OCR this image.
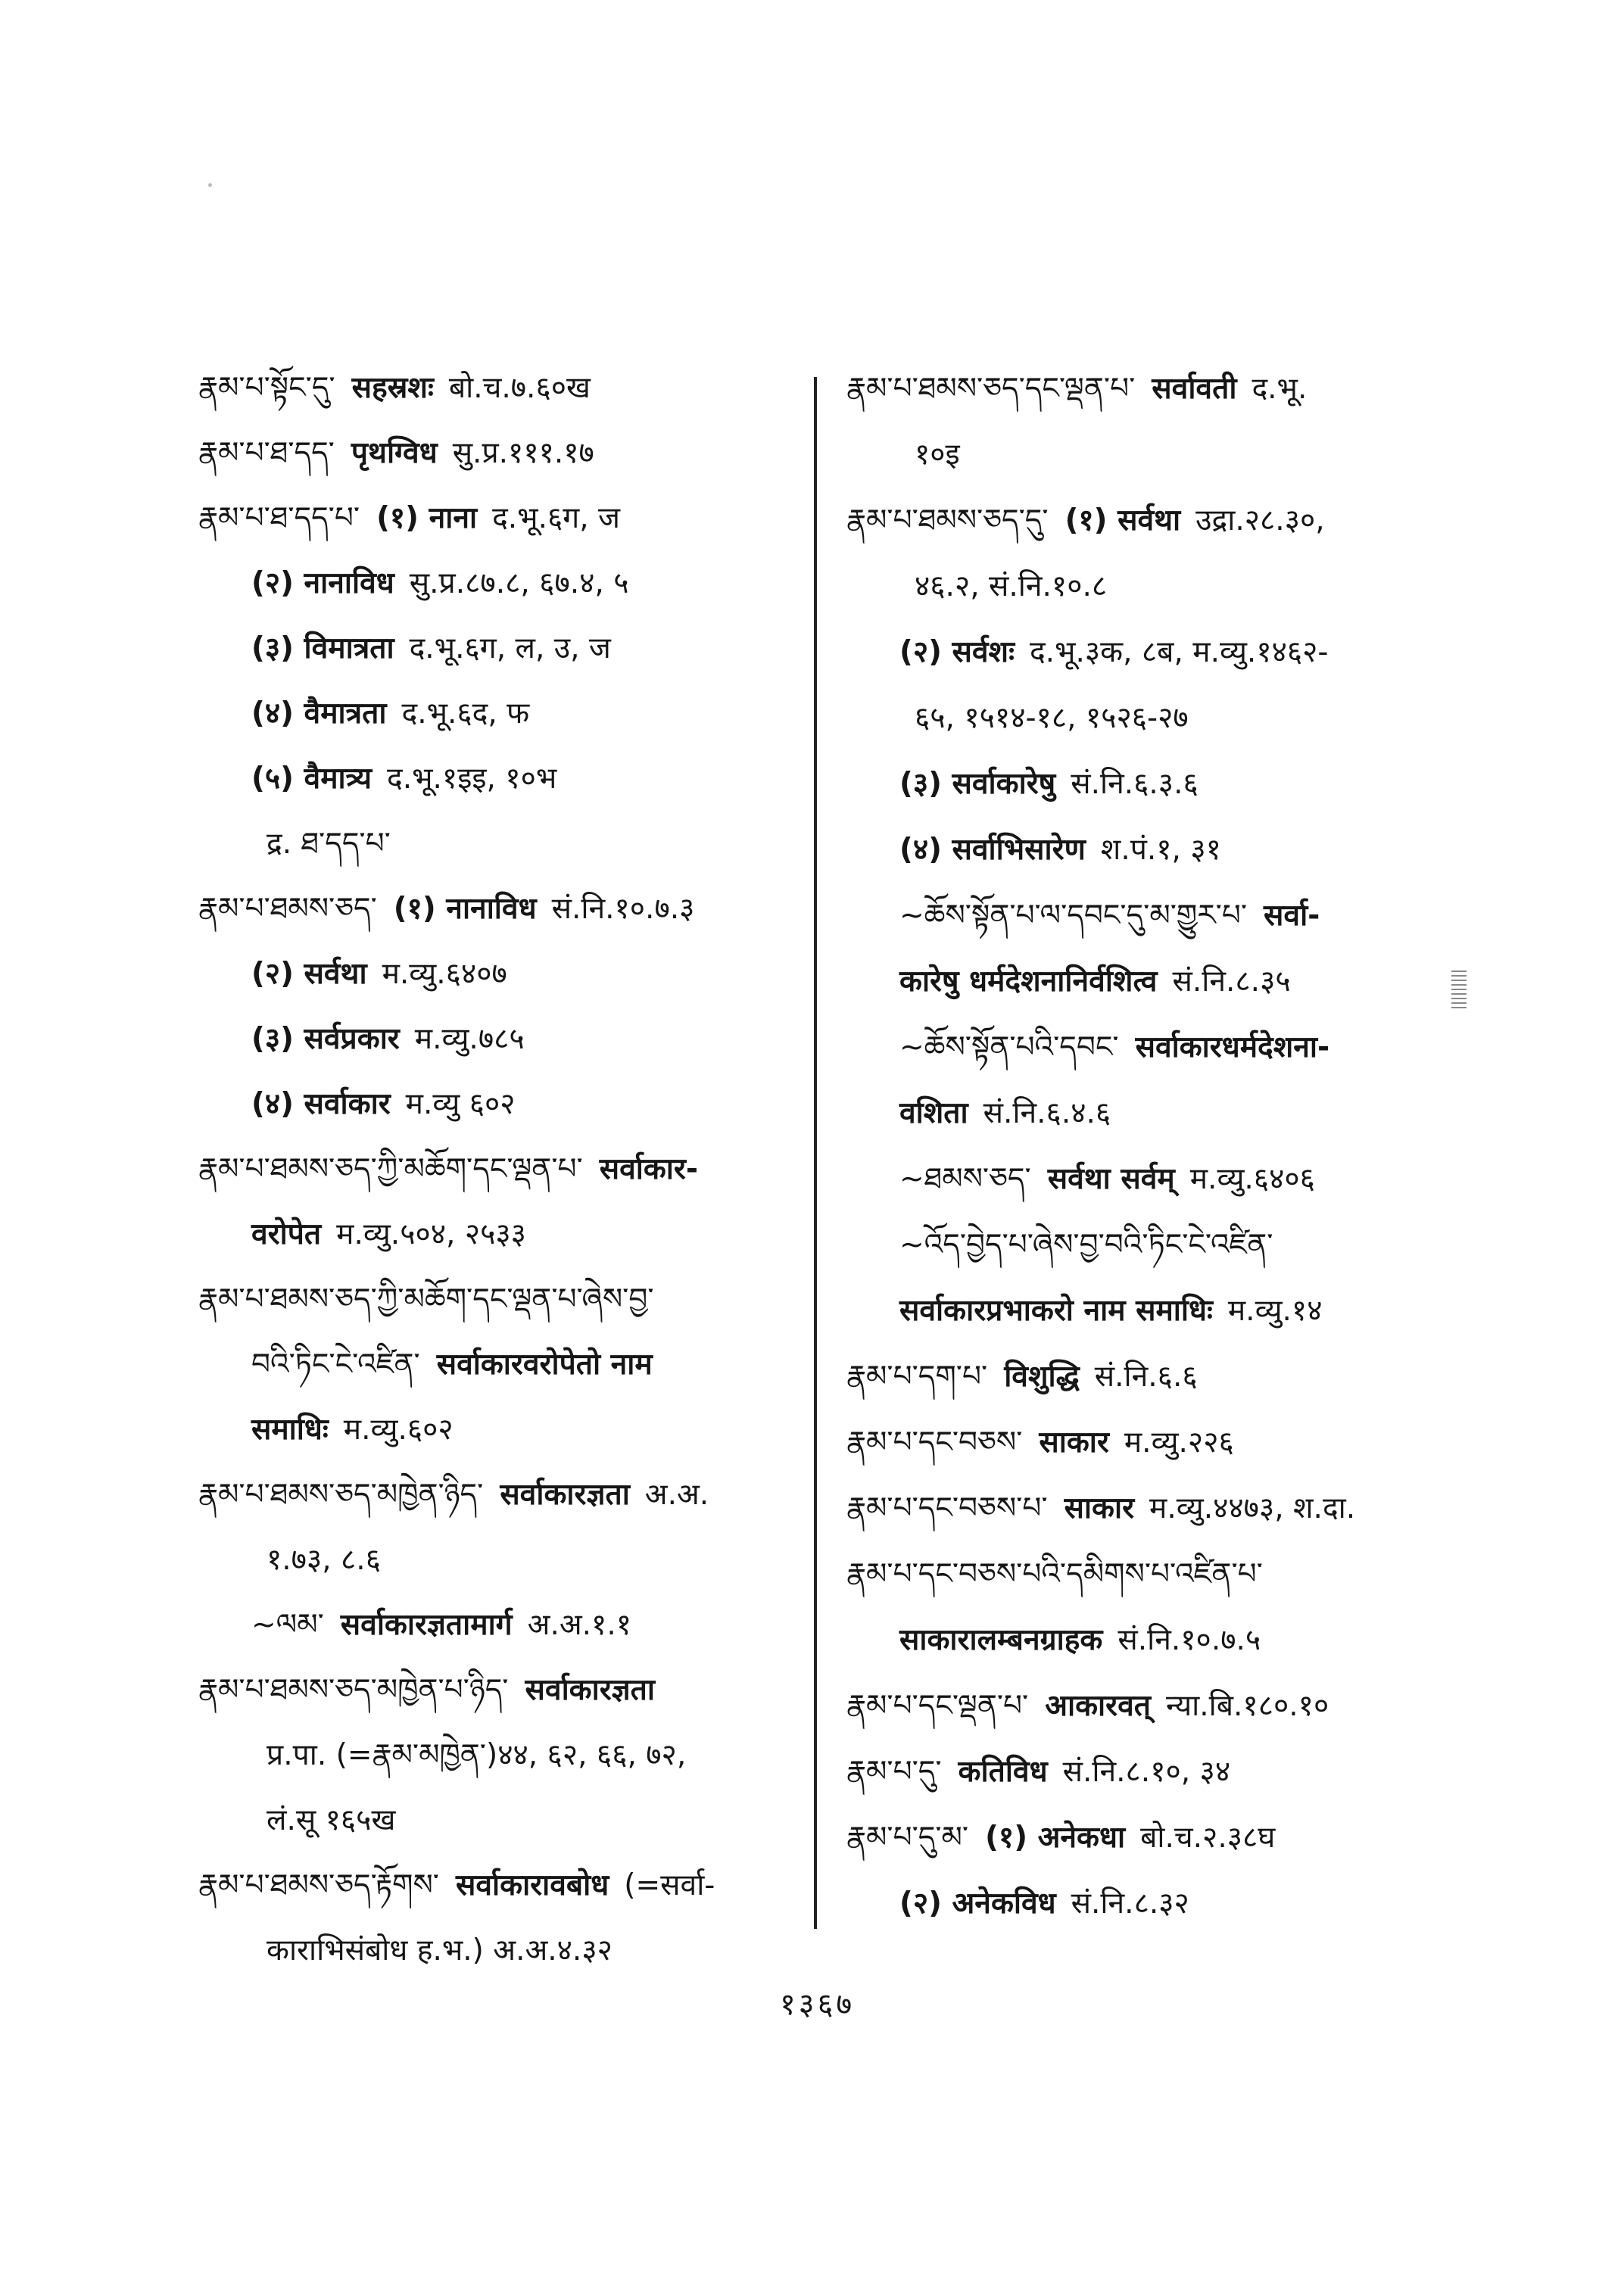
རྣམ་པ་སྟོང་དུ་ सहस्रशः बो.च.७.६०ख
རྣམ་པ་ཐ་དད་ पृथग्विध सु.प्र.१११.१७
རྣམ་པ་ཐ་དད་པ་ (१) नाना द.भू.६ग, ज
(२) नानाविध सु.प्र.८७.८, ६७.४, ५
(३) विमात्रता द.भू.६ग, ल, उ, ज
(४) वैमात्रता द.भू.६द, फ
(५) वैमात्र्य द.भू.१इइ, १०भ
द्र. ཐ་དད་པ་
རྣམ་པ་ཐམས་ཅད་ (१) नानाविध सं.नि.१०.७.३
(२) सर्वथा म.व्यु.६४०७
(३) सर्वप्रकार म.व्यु.७८५
(४) सर्वाकार म.व्यु ६०२
རྣམ་པ་ཐམས་ཅད་ཀྱི་མཆོག་དང་ལྡན་པ་ सर्वाकार-
वरोपेत म.व्यु.५०४, २५३३
རྣམ་པ་ཐམས་ཅད་ཀྱི་མཆོག་དང་ལྡན་པ་ཞེས་བྱ་
བའི་ཏིང་ངེ་འཛིན་ सर्वाकारवरोपेतो नाम
समाधिः म.व्यु.६०२
རྣམ་པ་ཐམས་ཅད་མཁྱེན་ཉིད་ सर्वाकारज्ञता अ.अ.
१.७३, ८.६
~ལམ་ सर्वाकारज्ञतामार्ग अ.अ.१.१
རྣམ་པ་ཐམས་ཅད་མཁྱེན་པ་ཉིད་ सर्वाकारज्ञता
प्र.पा. (=རྣམ་མཁྱེན་)४४, ६२, ६६, ७२,
लं.सू १६५ख
རྣམ་པ་ཐམས་ཅད་རྟོགས་ सर्वाकारावबोध (=सर्वा-
काराभिसंबोध ह.भ.) अ.अ.४.३२
རྣམ་པ་ཐམས་ཅད་དང་ལྡན་པ་ सर्वावती द.भू.
१०इ
རྣམ་པ་ཐམས་ཅད་དུ་ (१) सर्वथा उद्रा.२८.३०,
४६.२, सं.नि.१०.८
(२) सर्वशः द.भू.३क, ८ब, म.व्यु.१४६२-
६५, १५१४-१८, १५२६-२७
(३) सर्वाकारेषु सं.नि.६.३.६
(४) सर्वाभिसारेण श.पं.१, ३१
~ཆོས་སྟོན་པ་ལ་དབང་དུ་མ་གྱུར་པ་ सर्वा-
कारेषु धर्मदेशनानिर्वशित्व सं.नि.८.३५
~ཆོས་སྟོན་པའི་དབང་ सर्वाकारधर्मदेशना-
वशिता सं.नि.६.४.६
~ཐམས་ཅད་ सर्वथा सर्वम् म.व्यु.६४०६
~འོད་བྱེད་པ་ཞེས་བྱ་བའི་ཏིང་ངེ་འཛིན་
सर्वाकारप्रभाकरो नाम समाधिः म.व्यु.१४
རྣམ་པ་དག་པ་ विशुद्धि सं.नि.६.६
རྣམ་པ་དང་བཅས་ साकार म.व्यु.२२६
རྣམ་པ་དང་བཅས་པ་ साकार म.व्यु.४४७३, श.दा.
རྣམ་པ་དང་བཅས་པའི་དམིགས་པ་འཛིན་པ་
साकारालम्बनग्राहक सं.नि.१०.७.५
རྣམ་པ་དང་ལྡན་པ་ आकारवत् न्या.बि.१८०.१०
རྣམ་པ་དུ་ कतिविध सं.नि.८.१०, ३४
རྣམ་པ་དུ་མ་ (१) अनेकधा बो.च.२.३८घ
(२) अनेकविध सं.नि.८.३२
१३६७
